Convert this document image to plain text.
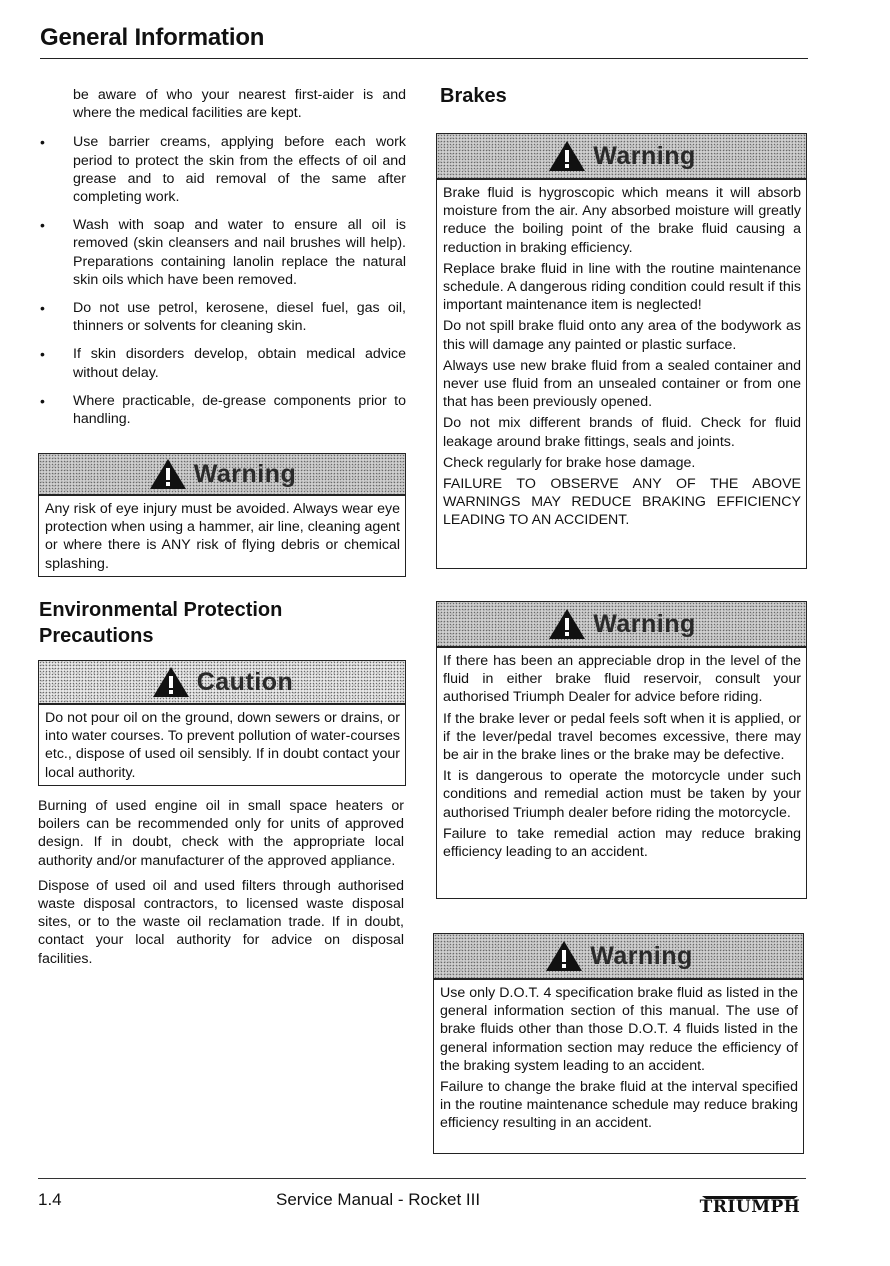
General Information

be aware of who your nearest first-aider is and where the medical facilities are kept.

• Use barrier creams, applying before each work period to protect the skin from the effects of oil and grease and to aid removal of the same after completing work.
• Wash with soap and water to ensure all oil is removed (skin cleansers and nail brushes will help). Preparations containing lanolin replace the natural skin oils which have been removed.
• Do not use petrol, kerosene, diesel fuel, gas oil, thinners or solvents for cleaning skin.
• If skin disorders develop, obtain medical advice without delay.
• Where practicable, de-grease components prior to handling.
Warning
Any risk of eye injury must be avoided. Always wear eye protection when using a hammer, air line, cleaning agent or where there is ANY risk of flying debris or chemical splashing.
Environmental Protection Precautions
Caution
Do not pour oil on the ground, down sewers or drains, or into water courses. To prevent pollution of water-courses etc., dispose of used oil sensibly. If in doubt contact your local authority.

Burning of used engine oil in small space heaters or boilers can be recommended only for units of approved design. If in doubt, check with the appropriate local authority and/or manufacturer of the approved appliance.

Dispose of used oil and used filters through authorised waste disposal contractors, to licensed waste disposal sites, or to the waste oil reclamation trade. If in doubt, contact your local authority for advice on disposal facilities.

Brakes
Warning

Brake fluid is hygroscopic which means it will absorb moisture from the air. Any absorbed moisture will greatly reduce the boiling point of the brake fluid causing a reduction in braking efficiency.

Replace brake fluid in line with the routine maintenance schedule. A dangerous riding condition could result if this important maintenance item is neglected!

Do not spill brake fluid onto any area of the bodywork as this will damage any painted or plastic surface.

Always use new brake fluid from a sealed container and never use fluid from an unsealed container or from one that has been previously opened.

Do not mix different brands of fluid. Check for fluid leakage around brake fittings, seals and joints.

Check regularly for brake hose damage.

FAILURE TO OBSERVE ANY OF THE ABOVE WARNINGS MAY REDUCE BRAKING EFFICIENCY LEADING TO AN ACCIDENT.

Warning

If there has been an appreciable drop in the level of the fluid in either brake fluid reservoir, consult your authorised Triumph Dealer for advice before riding.

If the brake lever or pedal feels soft when it is applied, or if the lever/pedal travel becomes excessive, there may be air in the brake lines or the brake may be defective.

It is dangerous to operate the motorcycle under such conditions and remedial action must be taken by your authorised Triumph dealer before riding the motorcycle.

Failure to take remedial action may reduce braking efficiency leading to an accident.

Warning

Use only D.O.T. 4 specification brake fluid as listed in the general information section of this manual. The use of brake fluids other than those D.O.T. 4 fluids listed in the general information section may reduce the efficiency of the braking system leading to an accident.

Failure to change the brake fluid at the interval specified in the routine maintenance schedule may reduce braking efficiency resulting in an accident.

1.4	Service Manual - Rocket III	TRIUMPH
